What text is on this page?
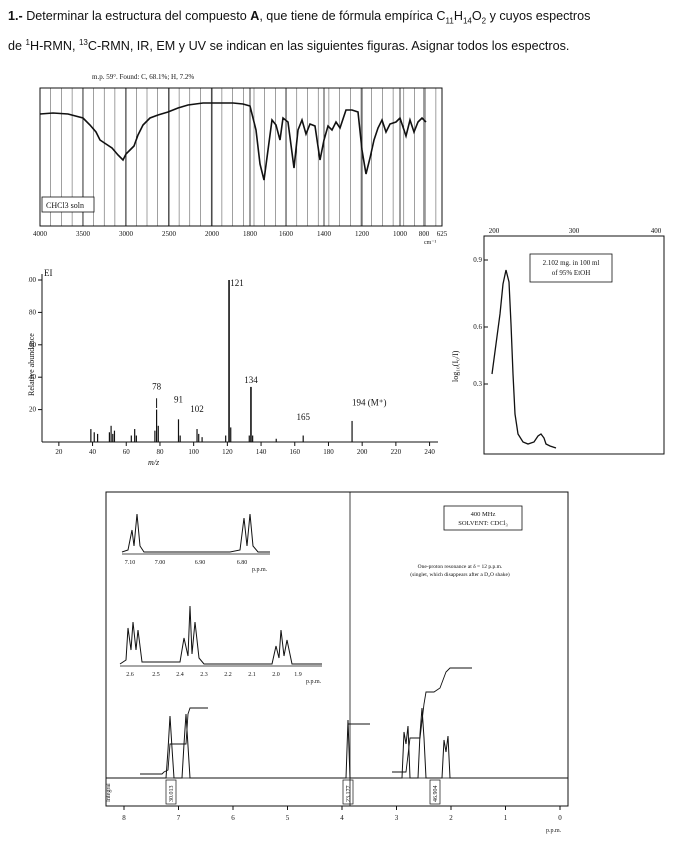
1.- Determinar la estructura del compuesto A, que tiene de fórmula empírica $C_{11}H_{14}O_2$ y cuyos espectros
de $^1$H-RMN, $^{13}$C-RMN, IR, EM y UV se indican en las siguientes figuras. Asignar todos los espectros.
m.p. 59°. Found: C, 68.1%; H, 7.2%
CHCl3 soln
4000	3500	3000	2500	2000	1800	1600	1400	1200	1000 800 625
cm⁻¹
EI
00
80
60
40
20
20	40	60	80	100	120	140	160	180	200	220	240
121
134
78
91
102
165
194 (M⁺)
Relative abundance
m/z
200	300	400
0.9
0.6
0.3
2.102 mg. in 100 ml
of 95% EtOH
log₁₀(I₀/I)
7.10	7.00	6.90	6.80
p.p.m.
2.6	2.5	2.4	2.3	2.2	2.1	2.0 1.9
p.p.m.
400 MHz
SOLVENT: CDCl₃
One-proton resonance at δ = 12 p.p.m.
(singlet, which disappears after a D₂O shake)
Integral	30.013	23.177	46.904
8	7	6	5	4	3	2	1	0
p.p.m.
